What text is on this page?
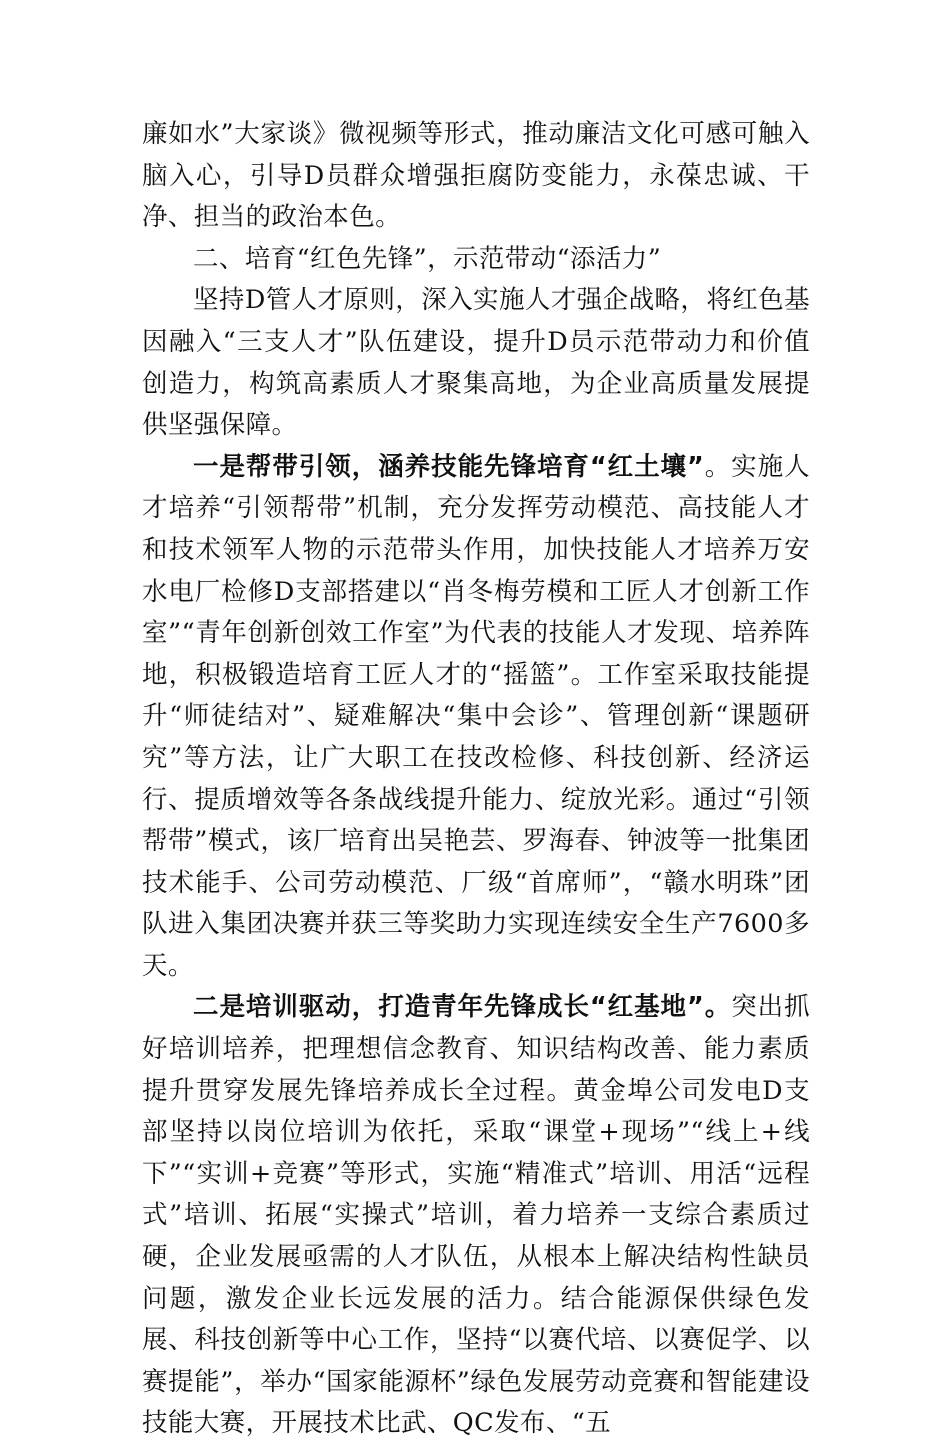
廉如水”大家谈》微视频等形式，推动廉洁文化可感可触入脑入心，引导D员群众增强拒腐防变能力，永葆忠诚、干净、担当的政治本色。

二、培育“红色先锋”，示范带动“添活力”

坚持D管人才原则，深入实施人才强企战略，将红色基因融入“三支人才”队伍建设，提升D员示范带动力和价值创造力，构筑高素质人才聚集高地，为企业高质量发展提供坚强保障。

一是帮带引领，涵养技能先锋培育“红土壤”。实施人才培养“引领帮带”机制，充分发挥劳动模范、高技能人才和技术领军人物的示范带头作用，加快技能人才培养万安水电厂检修D支部搭建以“肖冬梅劳模和工匠人才创新工作室”“青年创新创效工作室”为代表的技能人才发现、培养阵地，积极锻造培育工匠人才的“摇篮”。工作室采取技能提升“师徒结对”、疑难解决“集中会诊”、管理创新“课题研究”等方法，让广大职工在技改检修、科技创新、经济运行、提质增效等各条战线提升能力、绽放光彩。通过“引领帮带”模式，该厂培育出吴艳芸、罗海春、钟波等一批集团技术能手、公司劳动模范、厂级“首席师”，“赣水明珠”团队进入集团决赛并获三等奖助力实现连续安全生产7600多天。

二是培训驱动，打造青年先锋成长“红基地”。突出抓好培训培养，把理想信念教育、知识结构改善、能力素质提升贯穿发展先锋培养成长全过程。黄金埠公司发电D支部坚持以岗位培训为依托，采取“课堂+现场”“线上+线下”“实训+竞赛”等形式，实施“精准式”培训、用活“远程式”培训、拓展“实操式”培训，着力培养一支综合素质过硬，企业发展亟需的人才队伍，从根本上解决结构性缺员问题，激发企业长远发展的活力。结合能源保供绿色发展、科技创新等中心工作，坚持“以赛代培、以赛促学、以赛提能”，举办“国家能源杯”绿色发展劳动竞赛和智能建设技能大赛，开展技术比武、QC发布、“五
